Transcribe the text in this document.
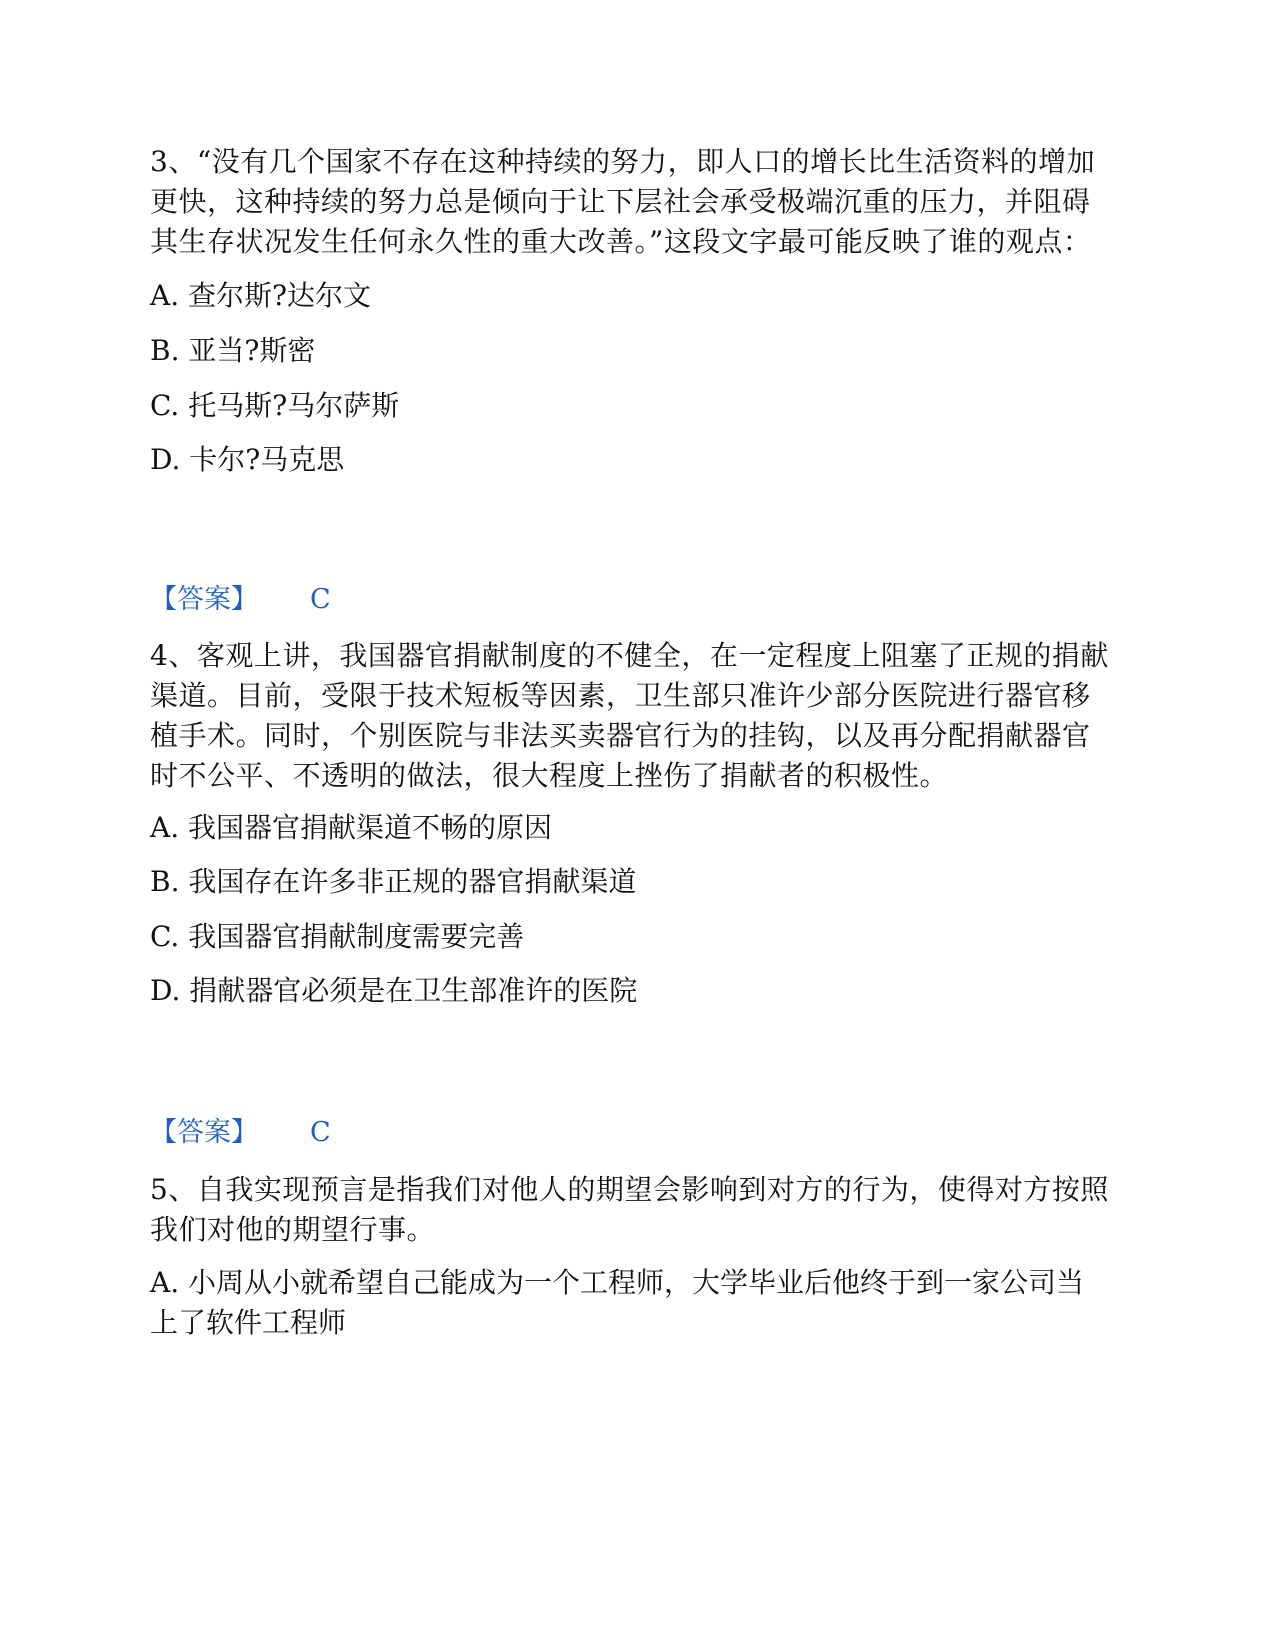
3、“没有几个国家不存在这种持续的努力，即人口的增长比生活资料的增加更快，这种持续的努力总是倾向于让下层社会承受极端沉重的压力，并阻碍其生存状况发生任何永久性的重大改善。”这段文字最可能反映了谁的观点：

A. 查尔斯?达尔文

B. 亚当?斯密

C. 托马斯?马尔萨斯

D. 卡尔?马克思

【答案】 C

4、客观上讲，我国器官捐献制度的不健全，在一定程度上阻塞了正规的捐献渠道。目前，受限于技术短板等因素，卫生部只准许少部分医院进行器官移植手术。同时，个别医院与非法买卖器官行为的挂钩，以及再分配捐献器官时不公平、不透明的做法，很大程度上挫伤了捐献者的积极性。

A. 我国器官捐献渠道不畅的原因

B. 我国存在许多非正规的器官捐献渠道

C. 我国器官捐献制度需要完善

D. 捐献器官必须是在卫生部准许的医院

【答案】 C

5、自我实现预言是指我们对他人的期望会影响到对方的行为，使得对方按照我们对他的期望行事。

A. 小周从小就希望自己能成为一个工程师，大学毕业后他终于到一家公司当上了软件工程师
